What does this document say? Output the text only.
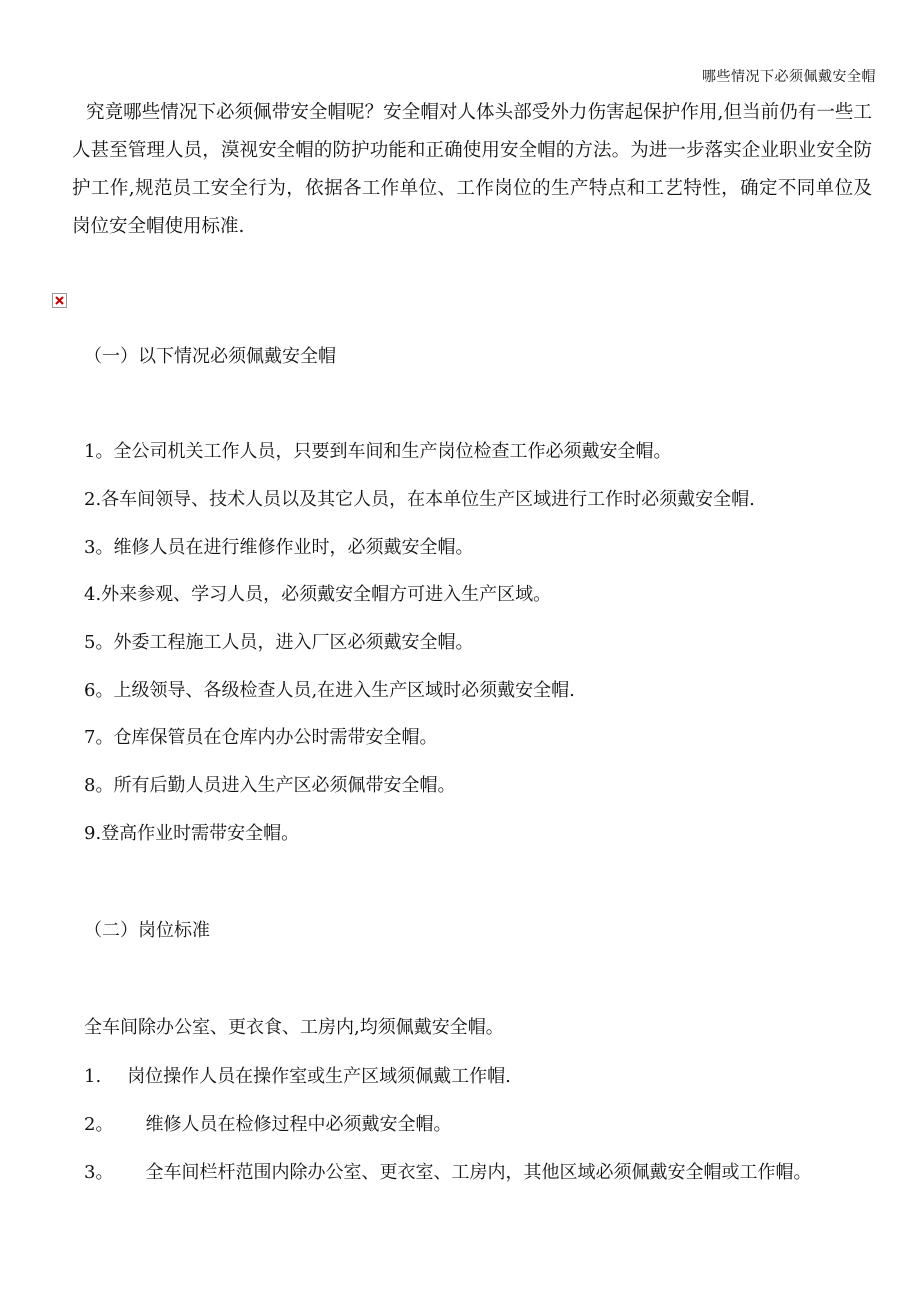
哪些情况下必须佩戴安全帽

究竟哪些情况下必须佩带安全帽呢？安全帽对人体头部受外力伤害起保护作用,但当前仍有一些工人甚至管理人员，漠视安全帽的防护功能和正确使用安全帽的方法。为进一步落实企业职业安全防护工作,规范员工安全行为，依据各工作单位、工作岗位的生产特点和工艺特性，确定不同单位及岗位安全帽使用标准.

（一）以下情况必须佩戴安全帽

1。全公司机关工作人员，只要到车间和生产岗位检查工作必须戴安全帽。

2.各车间领导、技术人员以及其它人员，在本单位生产区域进行工作时必须戴安全帽.

3。维修人员在进行维修作业时，必须戴安全帽。

4.外来参观、学习人员，必须戴安全帽方可进入生产区域。

5。外委工程施工人员，进入厂区必须戴安全帽。

6。上级领导、各级检查人员,在进入生产区域时必须戴安全帽.

7。仓库保管员在仓库内办公时需带安全帽。

8。所有后勤人员进入生产区必须佩带安全帽。

9.登高作业时需带安全帽。

（二）岗位标准

全车间除办公室、更衣食、工房内,均须佩戴安全帽。

1. 岗位操作人员在操作室或生产区域须佩戴工作帽.

2。 维修人员在检修过程中必须戴安全帽。

3。 全车间栏杆范围内除办公室、更衣室、工房内，其他区域必须佩戴安全帽或工作帽。
